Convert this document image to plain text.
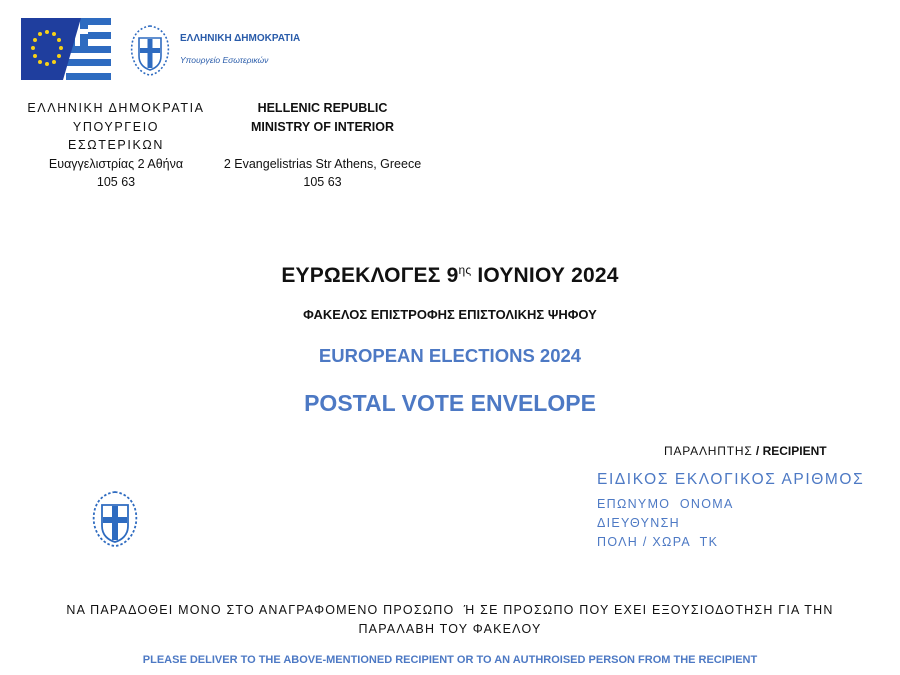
ΕΛΛΗΝΙΚΗ ΔΗΜΟΚΡΑΤΙΑ
Υπουργείο Εσωτερικών
ΕΛΛΗΝΙΚΗ ΔΗΜΟΚΡΑΤΙΑ
ΥΠΟΥΡΓΕΙΟ
ΕΣΩΤΕΡΙΚΩΝ
Ευαγγελιστρίας 2 Αθήνα
105 63
HELLENIC REPUBLIC
MINISTRY OF INTERIOR
2 Evangelistrias Str Athens, Greece
105 63
ΕΥΡΩΕΚΛΟΓΕΣ $9^{\eta\varsigma}$ ΙΟΥΝΙΟΥ 2024
ΦΑΚΕΛΟΣ ΕΠΙΣΤΡΟΦΗΣ ΕΠΙΣΤΟΛΙΚΗΣ ΨΗΦΟΥ
EUROPEAN ELECTIONS 2024
POSTAL VOTE ENVELOPE
ΠΑΡΑΛΗΠΤΗΣ / RECIPIENT
ΕΙΔΙΚΟΣ ΕΚΛΟΓΙΚΟΣ ΑΡΙΘΜΟΣ
ΕΠΩΝΥΜΟ  ΟΝΟΜΑ
ΔΙΕΥΘΥΝΣΗ
ΠΟΛΗ / ΧΩΡΑ  ΤΚ
ΝΑ ΠΑΡΑΔΟΘΕΙ ΜΟΝΟ ΣΤΟ ΑΝΑΓΡΑΦΟΜΕΝΟ ΠΡΟΣΩΠΟ  Ή ΣΕ ΠΡΟΣΩΠΟ ΠΟΥ ΕΧΕΙ ΕΞΟΥΣΙΟΔΟΤΗΣΗ ΓΙΑ ΤΗΝ
ΠΑΡΑΛΑΒΗ ΤΟΥ ΦΑΚΕΛΟΥ
PLEASE DELIVER TO THE ABOVE-MENTIONED RECIPIENT OR TO AN AUTHROISED PERSON FROM THE RECIPIENT
